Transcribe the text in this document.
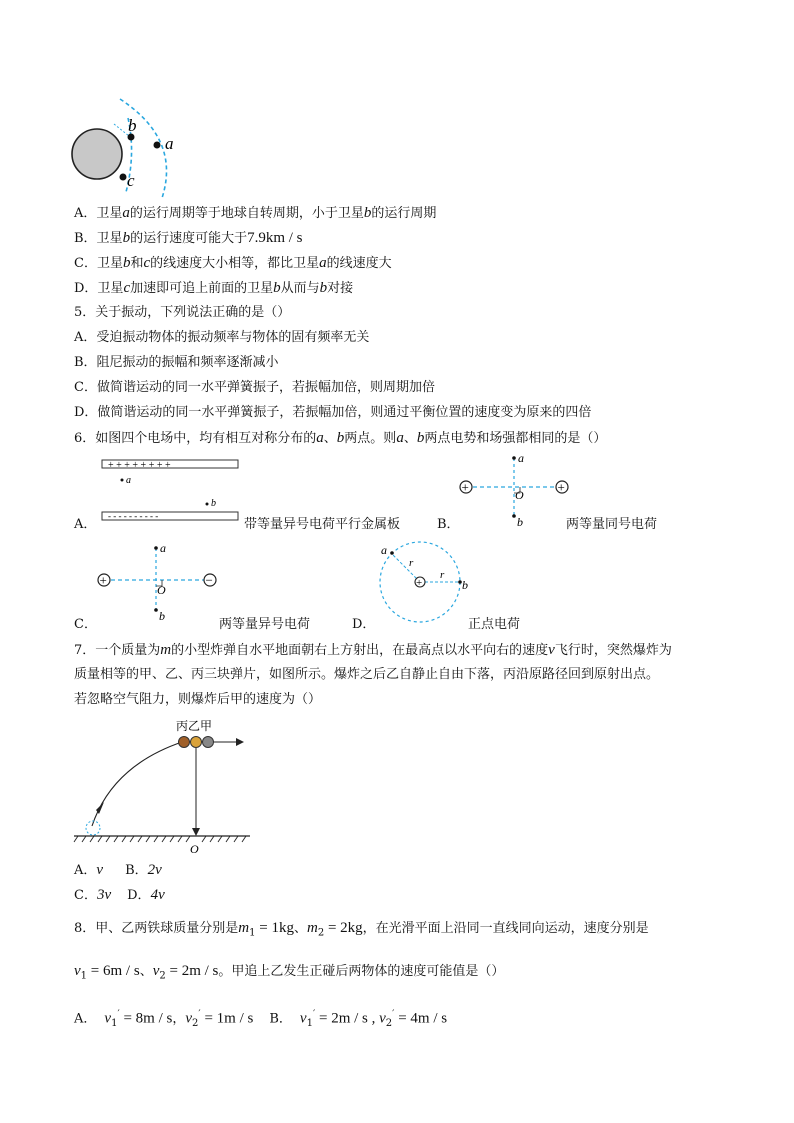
b
c
a
A．卫星a的运行周期等于地球自转周期，小于卫星b的运行周期
B．卫星b的运行速度可能大于7.9km / s
C．卫星b和c的线速度大小相等，都比卫星a的线速度大
D．卫星c加速即可追上前面的卫星b从而与b对接
5．关于振动，下列说法正确的是（）
A．受迫振动物体的振动频率与物体的固有频率无关
B．阻尼振动的振幅和频率逐渐减小
C．做简谐运动的同一水平弹簧振子，若振幅加倍，则周期加倍
D．做简谐运动的同一水平弹簧振子，若振幅加倍，则通过平衡位置的速度变为原来的四倍
6．如图四个电场中，均有相互对称分布的a、b两点。则a、b两点电势和场强都相同的是（）
+ + + + + + + +
a
b
- - - - - - - - - -
A．	带等量异号电荷平行金属板
+	+
a
b
O
B．	两等量同号电荷
+	−
a
b
O
C．	两等量异号电荷
+
a
b
r
r
D．	正点电荷
7．一个质量为m的小型炸弹自水平地面朝右上方射出，在最高点以水平向右的速度v飞行时，突然爆炸为
质量相等的甲、乙、丙三块弹片，如图所示。爆炸之后乙自静止自由下落，丙沿原路径回到原射出点。
若忽略空气阻力，则爆炸后甲的速度为（）
丙乙甲
O
A．v B．2v
C．3v D．4v
8．甲、乙两铁球质量分别是$m_1 = 1kg$、$m_2 = 2kg$，在光滑平面上沿同一直线同向运动，速度分别是
$v_1 = 6m / s$、$v_2 = 2m / s$。甲追上乙发生正碰后两物体的速度可能值是（）
A． $v_1' = 8m / s$，$v_2' = 1m / s$ B． $v_1' = 2m / s$ , $v_2' = 4m / s$
